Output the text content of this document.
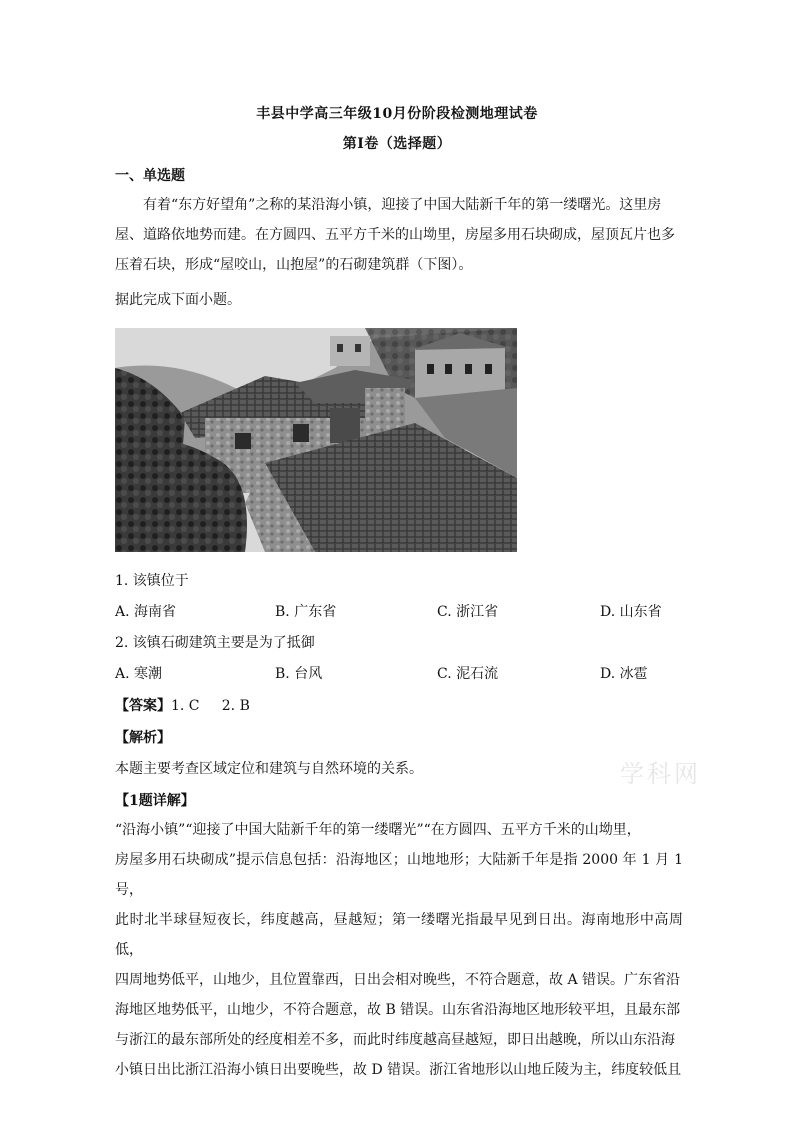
丰县中学高三年级10月份阶段检测地理试卷
第Ⅰ卷（选择题）
一、单选题
有着“东方好望角”之称的某沿海小镇，迎接了中国大陆新千年的第一缕曙光。这里房
屋、道路依地势而建。在方圆四、五平方千米的山坳里，房屋多用石块砌成，屋顶瓦片也多
压着石块，形成“屋咬山，山抱屋”的石砌建筑群（下图）。
据此完成下面小题。
1. 该镇位于
A. 海南省	B. 广东省	C. 浙江省	D. 山东省
2. 该镇石砌建筑主要是为了抵御
A. 寒潮	B. 台风	C. 泥石流	D. 冰雹
【答案】1. C     2. B
【解析】
本题主要考查区域定位和建筑与自然环境的关系。	学科网
【1题详解】
“沿海小镇”“迎接了中国大陆新千年的第一缕曙光”“在方圆四、五平方千米的山坳里，
房屋多用石块砌成”提示信息包括：沿海地区；山地地形；大陆新千年是指 2000 年 1 月 1 号，
此时北半球昼短夜长，纬度越高，昼越短；第一缕曙光指最早见到日出。海南地形中高周低，
四周地势低平，山地少，且位置靠西，日出会相对晚些，不符合题意，故 A 错误。广东省沿
海地区地势低平，山地少，不符合题意，故 B 错误。山东省沿海地区地形较平坦，且最东部
与浙江的最东部所处的经度相差不多，而此时纬度越高昼越短，即日出越晚，所以山东沿海
小镇日出比浙江沿海小镇日出要晚些，故 D 错误。浙江省地形以山地丘陵为主，纬度较低且
